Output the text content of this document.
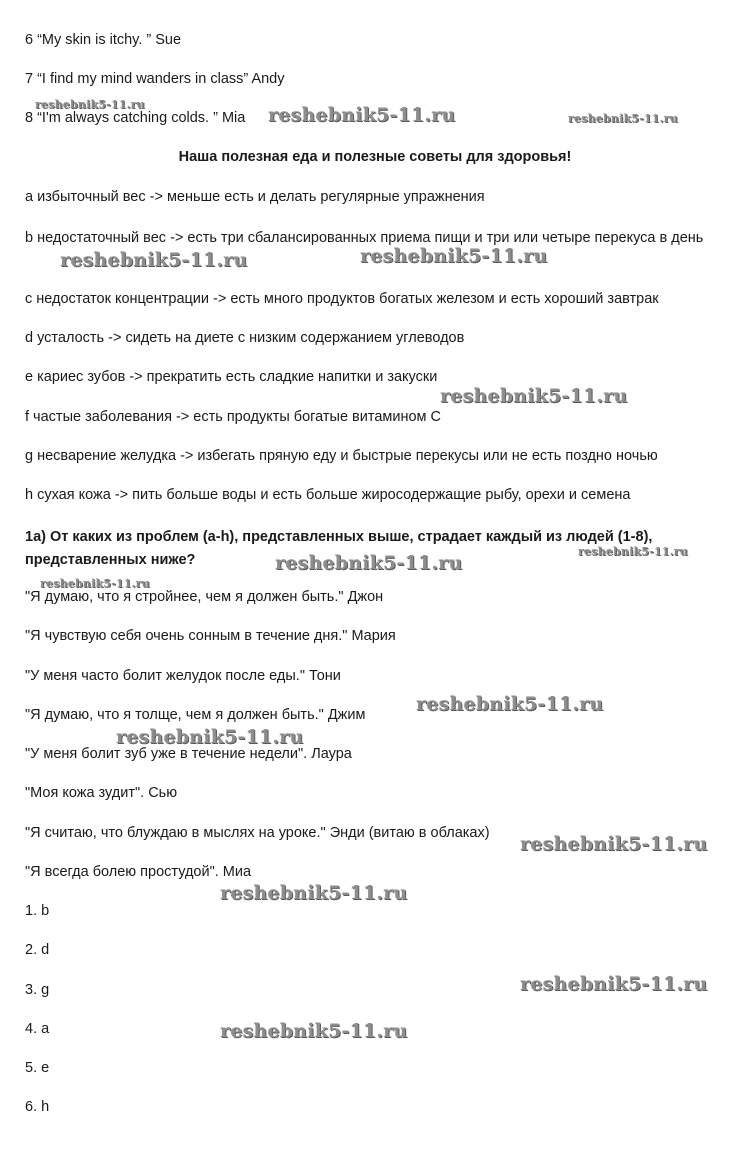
6 “My skin is itchy. ” Sue
7 “I find my mind wanders in class” Andy
8 “I'm always catching colds. ” Mia
Наша полезная еда и полезные советы для здоровья!
a избыточный вес -> меньше есть и делать регулярные упражнения
b недостаточный вес -> есть три сбалансированных приема пищи и три или четыре перекуса в день
c недостаток концентрации -> есть много продуктов богатых железом и есть хороший завтрак
d усталость -> сидеть на диете с низким содержанием углеводов
e кариес зубов -> прекратить есть сладкие напитки и закуски
f частые заболевания -> есть продукты богатые витамином C
g несварение желудка -> избегать пряную еду и быстрые перекусы или не есть поздно ночью
h сухая кожа -> пить больше воды и есть больше жиросодержащие рыбу, орехи и семена
1a) От каких из проблем (a-h), представленных выше, страдает каждый из людей (1-8), представленных ниже?
"Я думаю, что я стройнее, чем я должен быть." Джон
"Я чувствую себя очень сонным в течение дня." Мария
"У меня часто болит желудок после еды." Тони
"Я думаю, что я толще, чем я должен быть." Джим
"У меня болит зуб уже в течение недели". Лаура
"Моя кожа зудит". Сью
"Я считаю, что блуждаю в мыслях на уроке." Энди (витаю в облаках)
"Я всегда болею простудой". Миа
1. b
2. d
3. g
4. a
5. e
6. h
reshebnik5-11.ru	reshebnik5-11.ru	reshebnik5-11.ru
reshebnik5-11.ru	reshebnik5-11.ru
reshebnik5-11.ru
reshebnik5-11.ru
reshebnik5-11.ru
reshebnik5-11.ru
reshebnik5-11.ru
reshebnik5-11.ru
reshebnik5-11.ru
reshebnik5-11.ru
reshebnik5-11.ru
reshebnik5-11.ru
